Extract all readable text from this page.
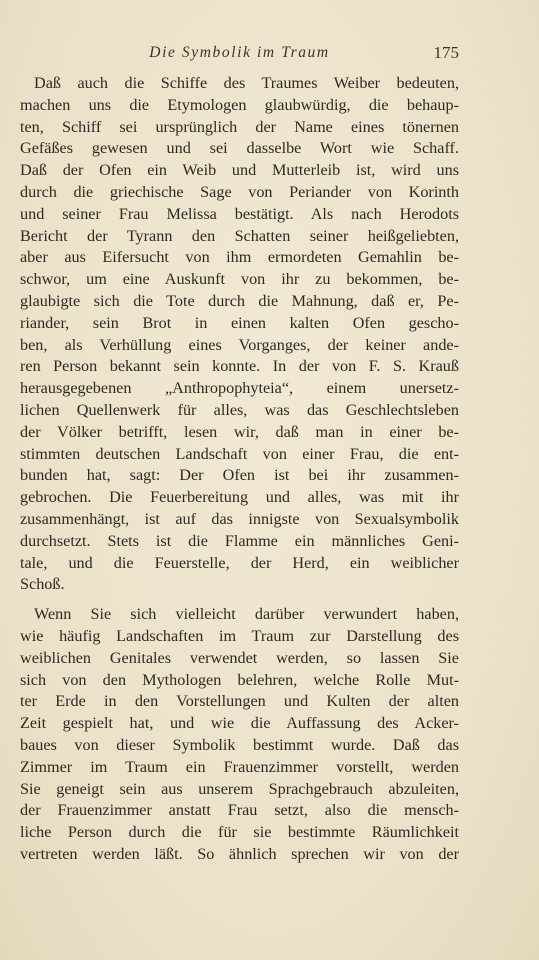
Die Symbolik im Traum	175
Daß auch die Schiffe des Traumes Weiber bedeuten,
machen uns die Etymologen glaubwürdig, die behaup-
ten, Schiff sei ursprünglich der Name eines tönernen
Gefäßes gewesen und sei dasselbe Wort wie Schaff.
Daß der Ofen ein Weib und Mutterleib ist, wird uns
durch die griechische Sage von Periander von Korinth
und seiner Frau Melissa bestätigt. Als nach Herodots
Bericht der Tyrann den Schatten seiner heißgeliebten,
aber aus Eifersucht von ihm ermordeten Gemahlin be-
schwor, um eine Auskunft von ihr zu bekommen, be-
glaubigte sich die Tote durch die Mahnung, daß er, Pe-
riander, sein Brot in einen kalten Ofen gescho-
ben, als Verhüllung eines Vorganges, der keiner ande-
ren Person bekannt sein konnte. In der von F. S. Krauß
herausgegebenen „Anthropophyteia“, einem unersetz-
lichen Quellenwerk für alles, was das Geschlechtsleben
der Völker betrifft, lesen wir, daß man in einer be-
stimmten deutschen Landschaft von einer Frau, die ent-
bunden hat, sagt: Der Ofen ist bei ihr zusammen-
gebrochen. Die Feuerbereitung und alles, was mit ihr
zusammenhängt, ist auf das innigste von Sexualsymbolik
durchsetzt. Stets ist die Flamme ein männliches Geni-
tale, und die Feuerstelle, der Herd, ein weiblicher
Schoß.
Wenn Sie sich vielleicht darüber verwundert haben,
wie häufig Landschaften im Traum zur Darstellung des
weiblichen Genitales verwendet werden, so lassen Sie
sich von den Mythologen belehren, welche Rolle Mut-
ter Erde in den Vorstellungen und Kulten der alten
Zeit gespielt hat, und wie die Auffassung des Acker-
baues von dieser Symbolik bestimmt wurde. Daß das
Zimmer im Traum ein Frauenzimmer vorstellt, werden
Sie geneigt sein aus unserem Sprachgebrauch abzuleiten,
der Frauenzimmer anstatt Frau setzt, also die mensch-
liche Person durch die für sie bestimmte Räumlichkeit
vertreten werden läßt. So ähnlich sprechen wir von der
